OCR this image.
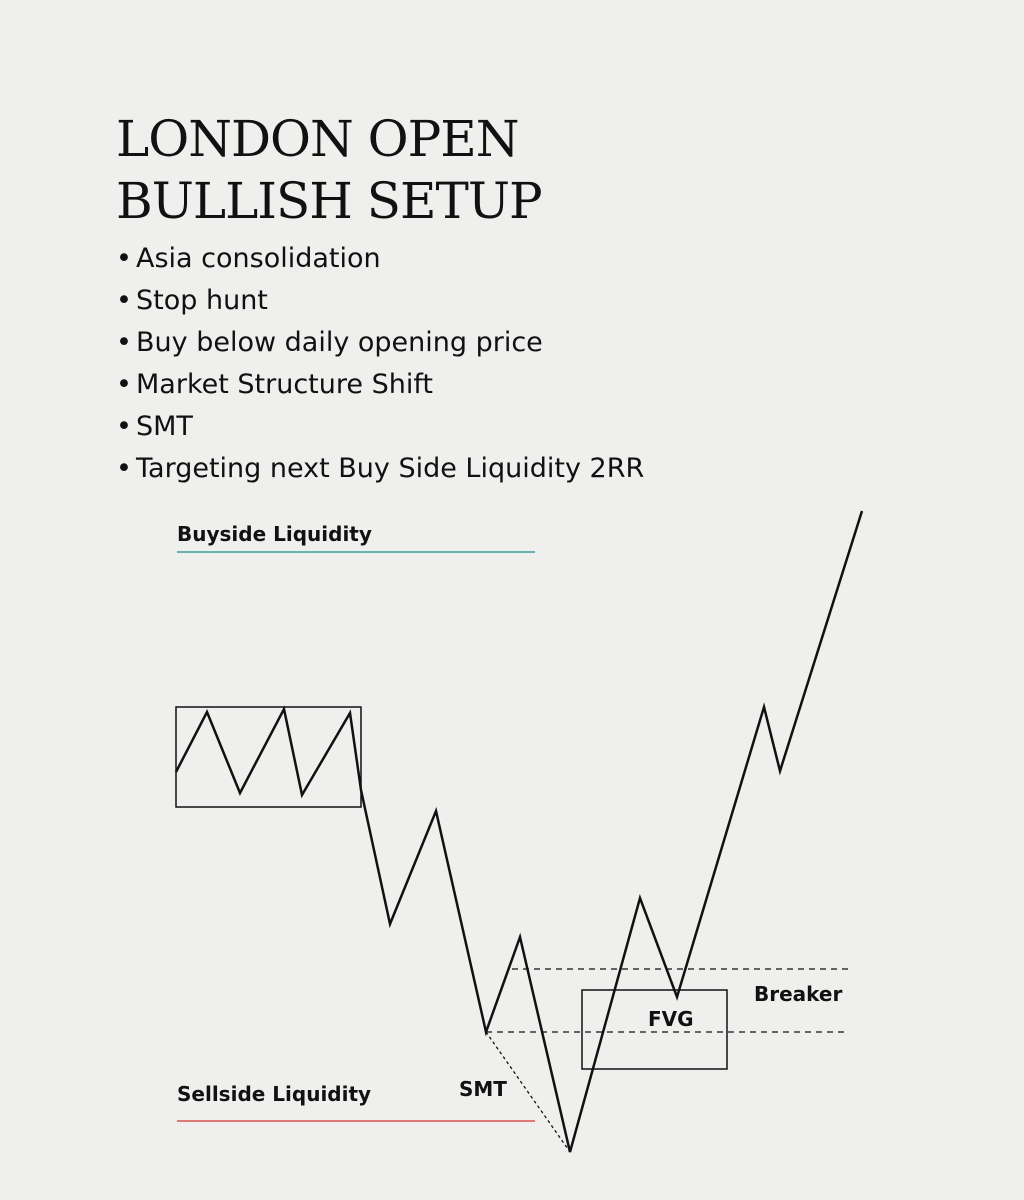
LONDON OPEN
BULLISH SETUP
• Asia consolidation
• Stop hunt
• Buy below daily opening price
• Market Structure Shift
• SMT
• Targeting next Buy Side Liquidity 2RR
Buyside Liquidity
FVG
Breaker
SMT
Sellside Liquidity
